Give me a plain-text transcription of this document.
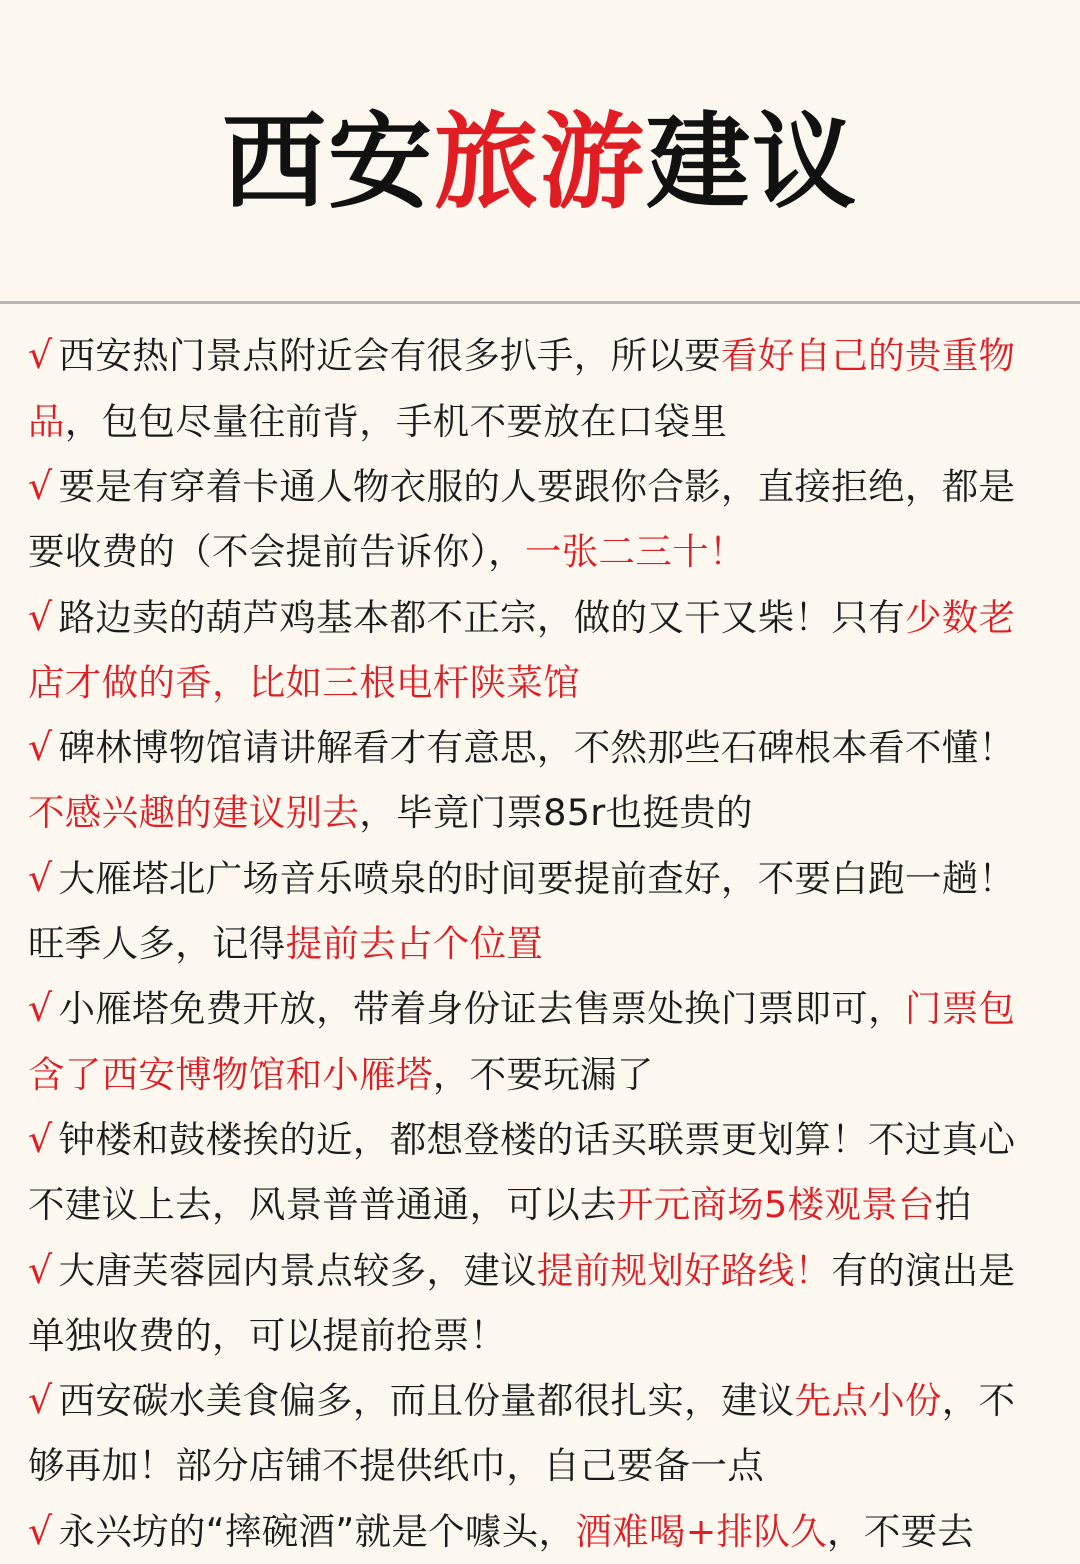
西安 旅游 建议

√ 西安热门景点附近会有很多扒手，所以要看好自己的贵重物品，包包尽量往前背，手机不要放在口袋里

√ 要是有穿着卡通人物衣服的人要跟你合影，直接拒绝，都是要收费的（不会提前告诉你），一张二三十！

√ 路边卖的葫芦鸡基本都不正宗，做的又干又柴！只有少数老店才做的香，比如三根电杆陕菜馆

√ 碑林博物馆请讲解看才有意思，不然那些石碑根本看不懂！不感兴趣的建议别去，毕竟门票85r也挺贵的

√ 大雁塔北广场音乐喷泉的时间要提前查好，不要白跑一趟！旺季人多，记得提前去占个位置

√ 小雁塔免费开放，带着身份证去售票处换门票即可，门票包含了西安博物馆和小雁塔，不要玩漏了

√ 钟楼和鼓楼挨的近，都想登楼的话买联票更划算！不过真心不建议上去，风景普普通通，可以去开元商场5楼观景台拍

√ 大唐芙蓉园内景点较多，建议提前规划好路线！有的演出是单独收费的，可以提前抢票！

√ 西安碳水美食偏多，而且份量都很扎实，建议先点小份，不够再加！部分店铺不提供纸巾，自己要备一点

√ 永兴坊的“摔碗酒”就是个噱头，酒难喝+排队久，不要去
